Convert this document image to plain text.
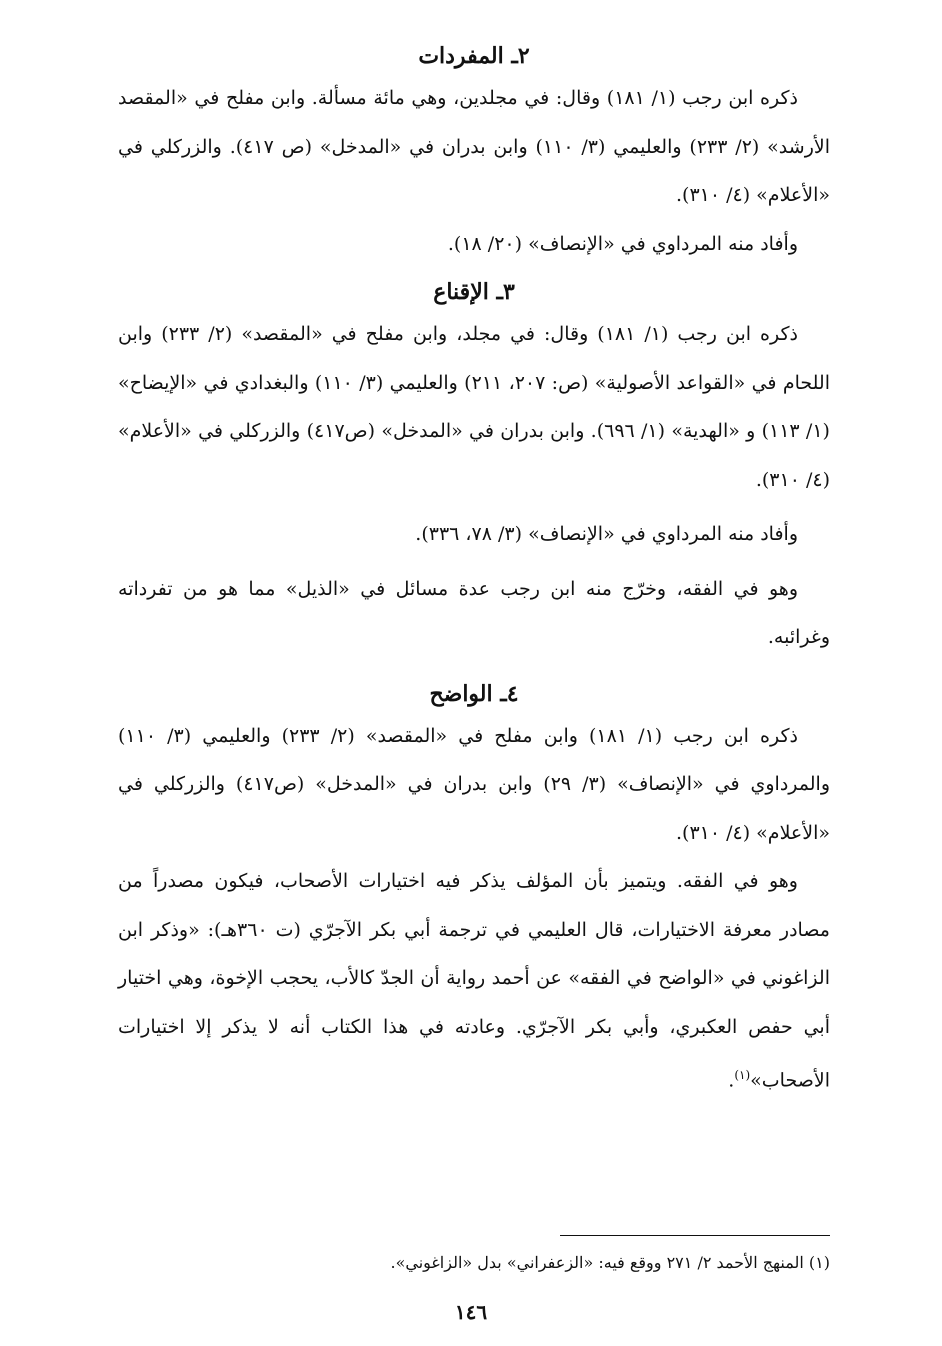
٢ـ المفردات

ذكره ابن رجب (١/ ١٨١) وقال: في مجلدين، وهي مائة مسألة. وابن مفلح في «المقصد الأرشد» (٢/ ٢٣٣) والعليمي (٣/ ١١٠) وابن بدران في «المدخل» (ص ٤١٧). والزركلي في «الأعلام» (٤/ ٣١٠).

وأفاد منه المرداوي في «الإنصاف» (٢٠/ ١٨).

٣ـ الإقناع

ذكره ابن رجب (١/ ١٨١) وقال: في مجلد، وابن مفلح في «المقصد» (٢/ ٢٣٣) وابن اللحام في «القواعد الأصولية» (ص: ٢٠٧، ٢١١) والعليمي (٣/ ١١٠) والبغدادي في «الإيضاح» (١/ ١١٣) و «الهدية» (١/ ٦٩٦). وابن بدران في «المدخل» (ص٤١٧) والزركلي في «الأعلام» (٤/ ٣١٠).

وأفاد منه المرداوي في «الإنصاف» (٣/ ٧٨، ٣٣٦).

وهو في الفقه، وخرّج منه ابن رجب عدة مسائل في «الذيل» مما هو من تفرداته وغرائبه.

٤ـ الواضح

ذكره ابن رجب (١/ ١٨١) وابن مفلح في «المقصد» (٢/ ٢٣٣) والعليمي (٣/ ١١٠) والمرداوي في «الإنصاف» (٣/ ٢٩) وابن بدران في «المدخل» (ص٤١٧) والزركلي في «الأعلام» (٤/ ٣١٠).

وهو في الفقه. ويتميز بأن المؤلف يذكر فيه اختيارات الأصحاب، فيكون مصدراً من مصادر معرفة الاختيارات، قال العليمي في ترجمة أبي بكر الآجرّي (ت ٣٦٠هـ): «وذكر ابن الزاغوني في «الواضح في الفقه» عن أحمد رواية أن الجدّ كالأب، يحجب الإخوة، وهي اختيار أبي حفص العكبري، وأبي بكر الآجرّي. وعادته في هذا الكتاب أنه لا يذكر إلا اختيارات الأصحاب»$^{(١)}$.

(١) المنهج الأحمد ٢/ ٢٧١ ووقع فيه: «الزعفراني» بدل «الزاغوني».

١٤٦
